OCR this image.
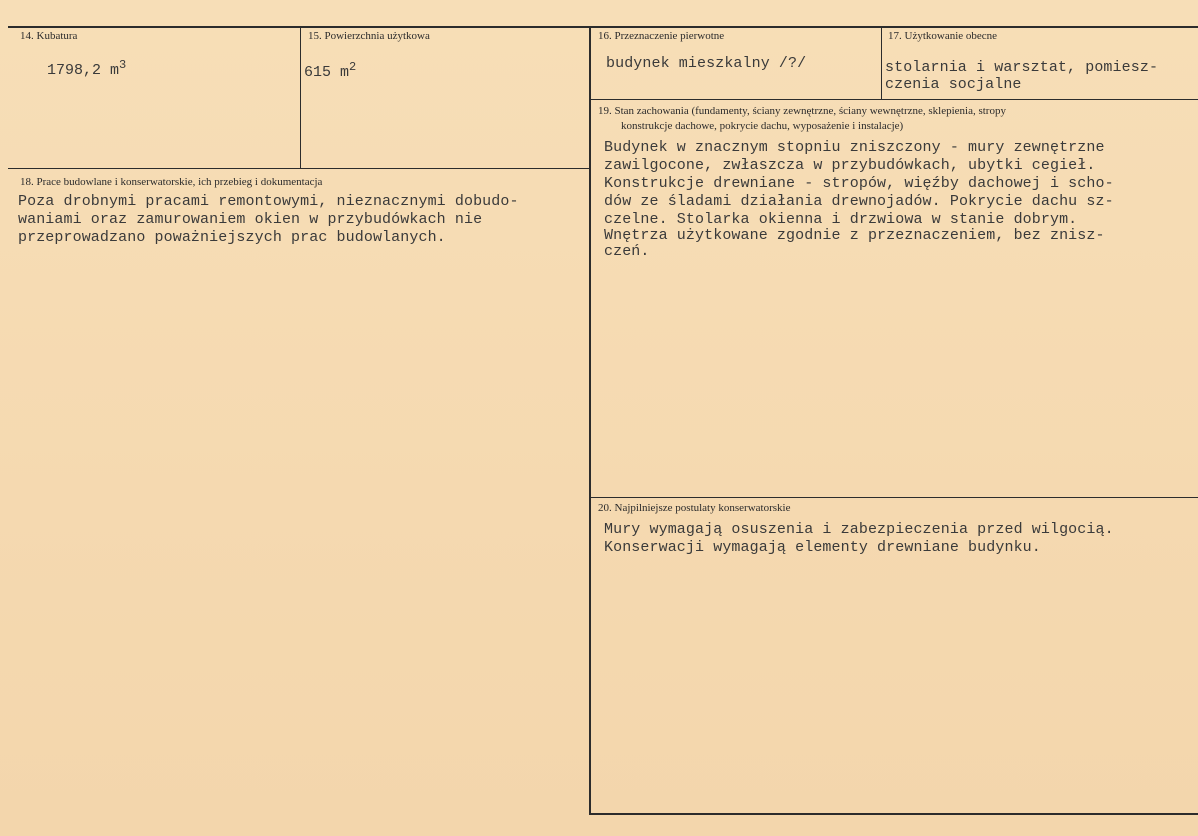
14. Kubatura
1798,2 $m^3$
15. Powierzchnia użytkowa
615 $m^2$
16. Przeznaczenie pierwotne
budynek mieszkalny /?/
17. Użytkowanie obecne
stolarnia i warsztat, pomiesz-
czenia socjalne
19. Stan zachowania (fundamenty, ściany zewnętrzne, ściany wewnętrzne, sklepienia, stropy
konstrukcje dachowe, pokrycie dachu, wyposażenie i instalacje)
Budynek w znacznym stopniu zniszczony - mury zewnętrzne
zawilgocone, zwłaszcza w przybudówkach, ubytki cegieł.
Konstrukcje drewniane - stropów, więźby dachowej i scho-
dów ze śladami działania drewnojadów. Pokrycie dachu sz-
czelne. Stolarka okienna i drzwiowa w stanie dobrym.
Wnętrza użytkowane zgodnie z przeznaczeniem, bez znisz-
czeń.
18. Prace budowlane i konserwatorskie, ich przebieg i dokumentacja
Poza drobnymi pracami remontowymi, nieznacznymi dobudo-
waniami oraz zamurowaniem okien w przybudówkach nie
przeprowadzano poważniejszych prac budowlanych.
20. Najpilniejsze postulaty konserwatorskie
Mury wymagają osuszenia i zabezpieczenia przed wilgocią.
Konserwacji wymagają elementy drewniane budynku.
